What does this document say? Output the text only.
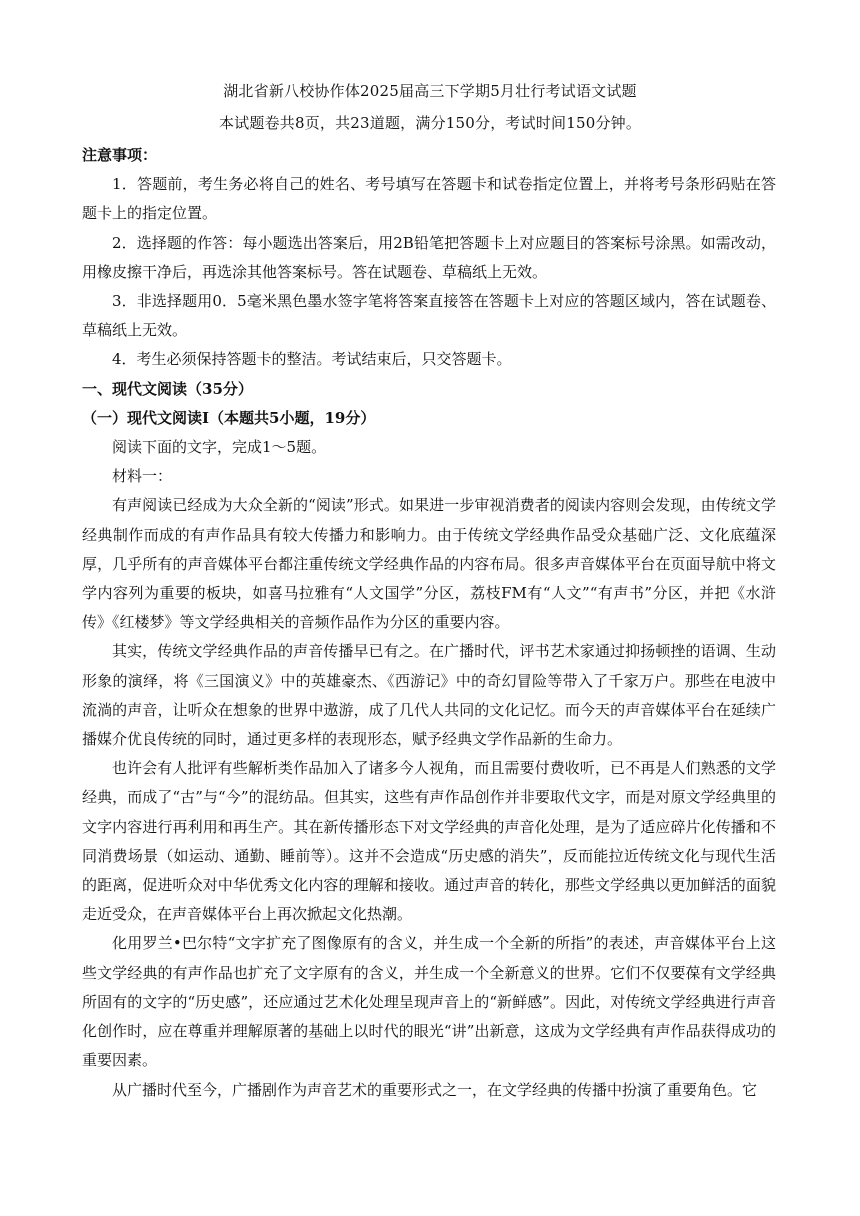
湖北省新八校协作体2025届高三下学期5月壮行考试语文试题
本试题卷共8页，共23道题，满分150分，考试时间150分钟。

注意事项：

1．答题前，考生务必将自己的姓名、考号填写在答题卡和试卷指定位置上，并将考号条形码贴在答题卡上的指定位置。

2．选择题的作答：每小题选出答案后，用2B铅笔把答题卡上对应题目的答案标号涂黑。如需改动，用橡皮擦干净后，再选涂其他答案标号。答在试题卷、草稿纸上无效。

3．非选择题用0．5毫米黑色墨水签字笔将答案直接答在答题卡上对应的答题区域内，答在试题卷、草稿纸上无效。

4．考生必须保持答题卡的整洁。考试结束后，只交答题卡。

一、现代文阅读（35分）

（一）现代文阅读Ⅰ（本题共5小题，19分）

阅读下面的文字，完成1～5题。

材料一：

有声阅读已经成为大众全新的“阅读”形式。如果进一步审视消费者的阅读内容则会发现，由传统文学经典制作而成的有声作品具有较大传播力和影响力。由于传统文学经典作品受众基础广泛、文化底蕴深厚，几乎所有的声音媒体平台都注重传统文学经典作品的内容布局。很多声音媒体平台在页面导航中将文学内容列为重要的板块，如喜马拉雅有“人文国学”分区，荔枝FM有“人文”“有声书”分区，并把《水浒传》《红楼梦》等文学经典相关的音频作品作为分区的重要内容。

其实，传统文学经典作品的声音传播早已有之。在广播时代，评书艺术家通过抑扬顿挫的语调、生动形象的演绎，将《三国演义》中的英雄豪杰、《西游记》中的奇幻冒险等带入了千家万户。那些在电波中流淌的声音，让听众在想象的世界中遨游，成了几代人共同的文化记忆。而今天的声音媒体平台在延续广播媒介优良传统的同时，通过更多样的表现形态，赋予经典文学作品新的生命力。

也许会有人批评有些解析类作品加入了诸多今人视角，而且需要付费收听，已不再是人们熟悉的文学经典，而成了“古”与“今”的混纺品。但其实，这些有声作品创作并非要取代文字，而是对原文学经典里的文字内容进行再利用和再生产。其在新传播形态下对文学经典的声音化处理，是为了适应碎片化传播和不同消费场景（如运动、通勤、睡前等）。这并不会造成“历史感的消失”，反而能拉近传统文化与现代生活的距离，促进听众对中华优秀文化内容的理解和接收。通过声音的转化，那些文学经典以更加鲜活的面貌走近受众，在声音媒体平台上再次掀起文化热潮。

化用罗兰•巴尔特“文字扩充了图像原有的含义，并生成一个全新的所指”的表述，声音媒体平台上这些文学经典的有声作品也扩充了文字原有的含义，并生成一个全新意义的世界。它们不仅要葆有文学经典所固有的文字的“历史感”，还应通过艺术化处理呈现声音上的“新鲜感”。因此，对传统文学经典进行声音化创作时，应在尊重并理解原著的基础上以时代的眼光“讲”出新意，这成为文学经典有声作品获得成功的重要因素。

从广播时代至今，广播剧作为声音艺术的重要形式之一，在文学经典的传播中扮演了重要角色。它
